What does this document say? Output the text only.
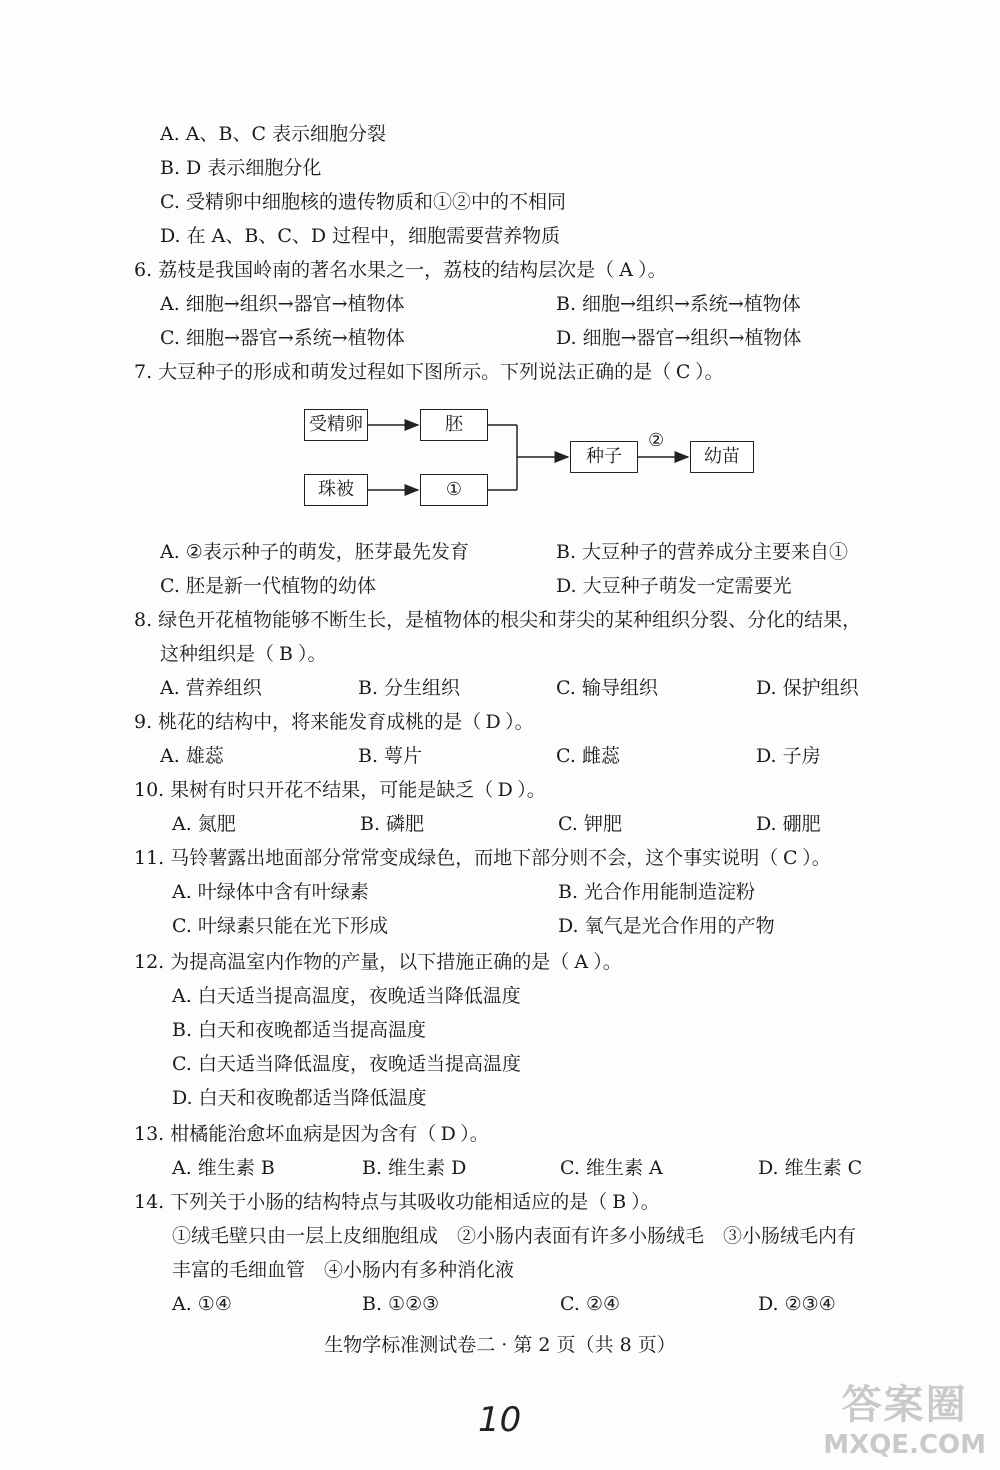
A. A、B、C 表示细胞分裂
B. D 表示细胞分化
C. 受精卵中细胞核的遗传物质和①②中的不相同
D. 在 A、B、C、D 过程中，细胞需要营养物质
6. 荔枝是我国岭南的著名水果之一，荔枝的结构层次是（ A ）。
A. 细胞→组织→器官→植物体	B. 细胞→组织→系统→植物体
C. 细胞→器官→系统→植物体	D. 细胞→器官→组织→植物体
7. 大豆种子的形成和萌发过程如下图所示。下列说法正确的是（ C ）。
受精卵	胚
珠被	①
种子
②
幼苗
A. ②表示种子的萌发，胚芽最先发育	B. 大豆种子的营养成分主要来自①
C. 胚是新一代植物的幼体	D. 大豆种子萌发一定需要光
8. 绿色开花植物能够不断生长，是植物体的根尖和芽尖的某种组织分裂、分化的结果，
这种组织是（ B ）。
A. 营养组织	B. 分生组织	C. 输导组织	D. 保护组织
9. 桃花的结构中，将来能发育成桃的是（ D ）。
A. 雄蕊	B. 萼片	C. 雌蕊	D. 子房
10. 果树有时只开花不结果，可能是缺乏（ D ）。
A. 氮肥	B. 磷肥	C. 钾肥	D. 硼肥
11. 马铃薯露出地面部分常常变成绿色，而地下部分则不会，这个事实说明（ C ）。
A. 叶绿体中含有叶绿素	B. 光合作用能制造淀粉
C. 叶绿素只能在光下形成	D. 氧气是光合作用的产物
12. 为提高温室内作物的产量，以下措施正确的是（ A ）。
A. 白天适当提高温度，夜晚适当降低温度
B. 白天和夜晚都适当提高温度
C. 白天适当降低温度，夜晚适当提高温度
D. 白天和夜晚都适当降低温度
13. 柑橘能治愈坏血病是因为含有（ D ）。
A. 维生素 B	B. 维生素 D	C. 维生素 A	D. 维生素 C
14. 下列关于小肠的结构特点与其吸收功能相适应的是（ B ）。
①绒毛壁只由一层上皮细胞组成　②小肠内表面有许多小肠绒毛　③小肠绒毛内有
丰富的毛细血管　④小肠内有多种消化液
A. ①④	B. ①②③	C. ②④	D. ②③④
生物学标准测试卷二 · 第 2 页（共 8 页）
10	答案圈
MXQE.COM
